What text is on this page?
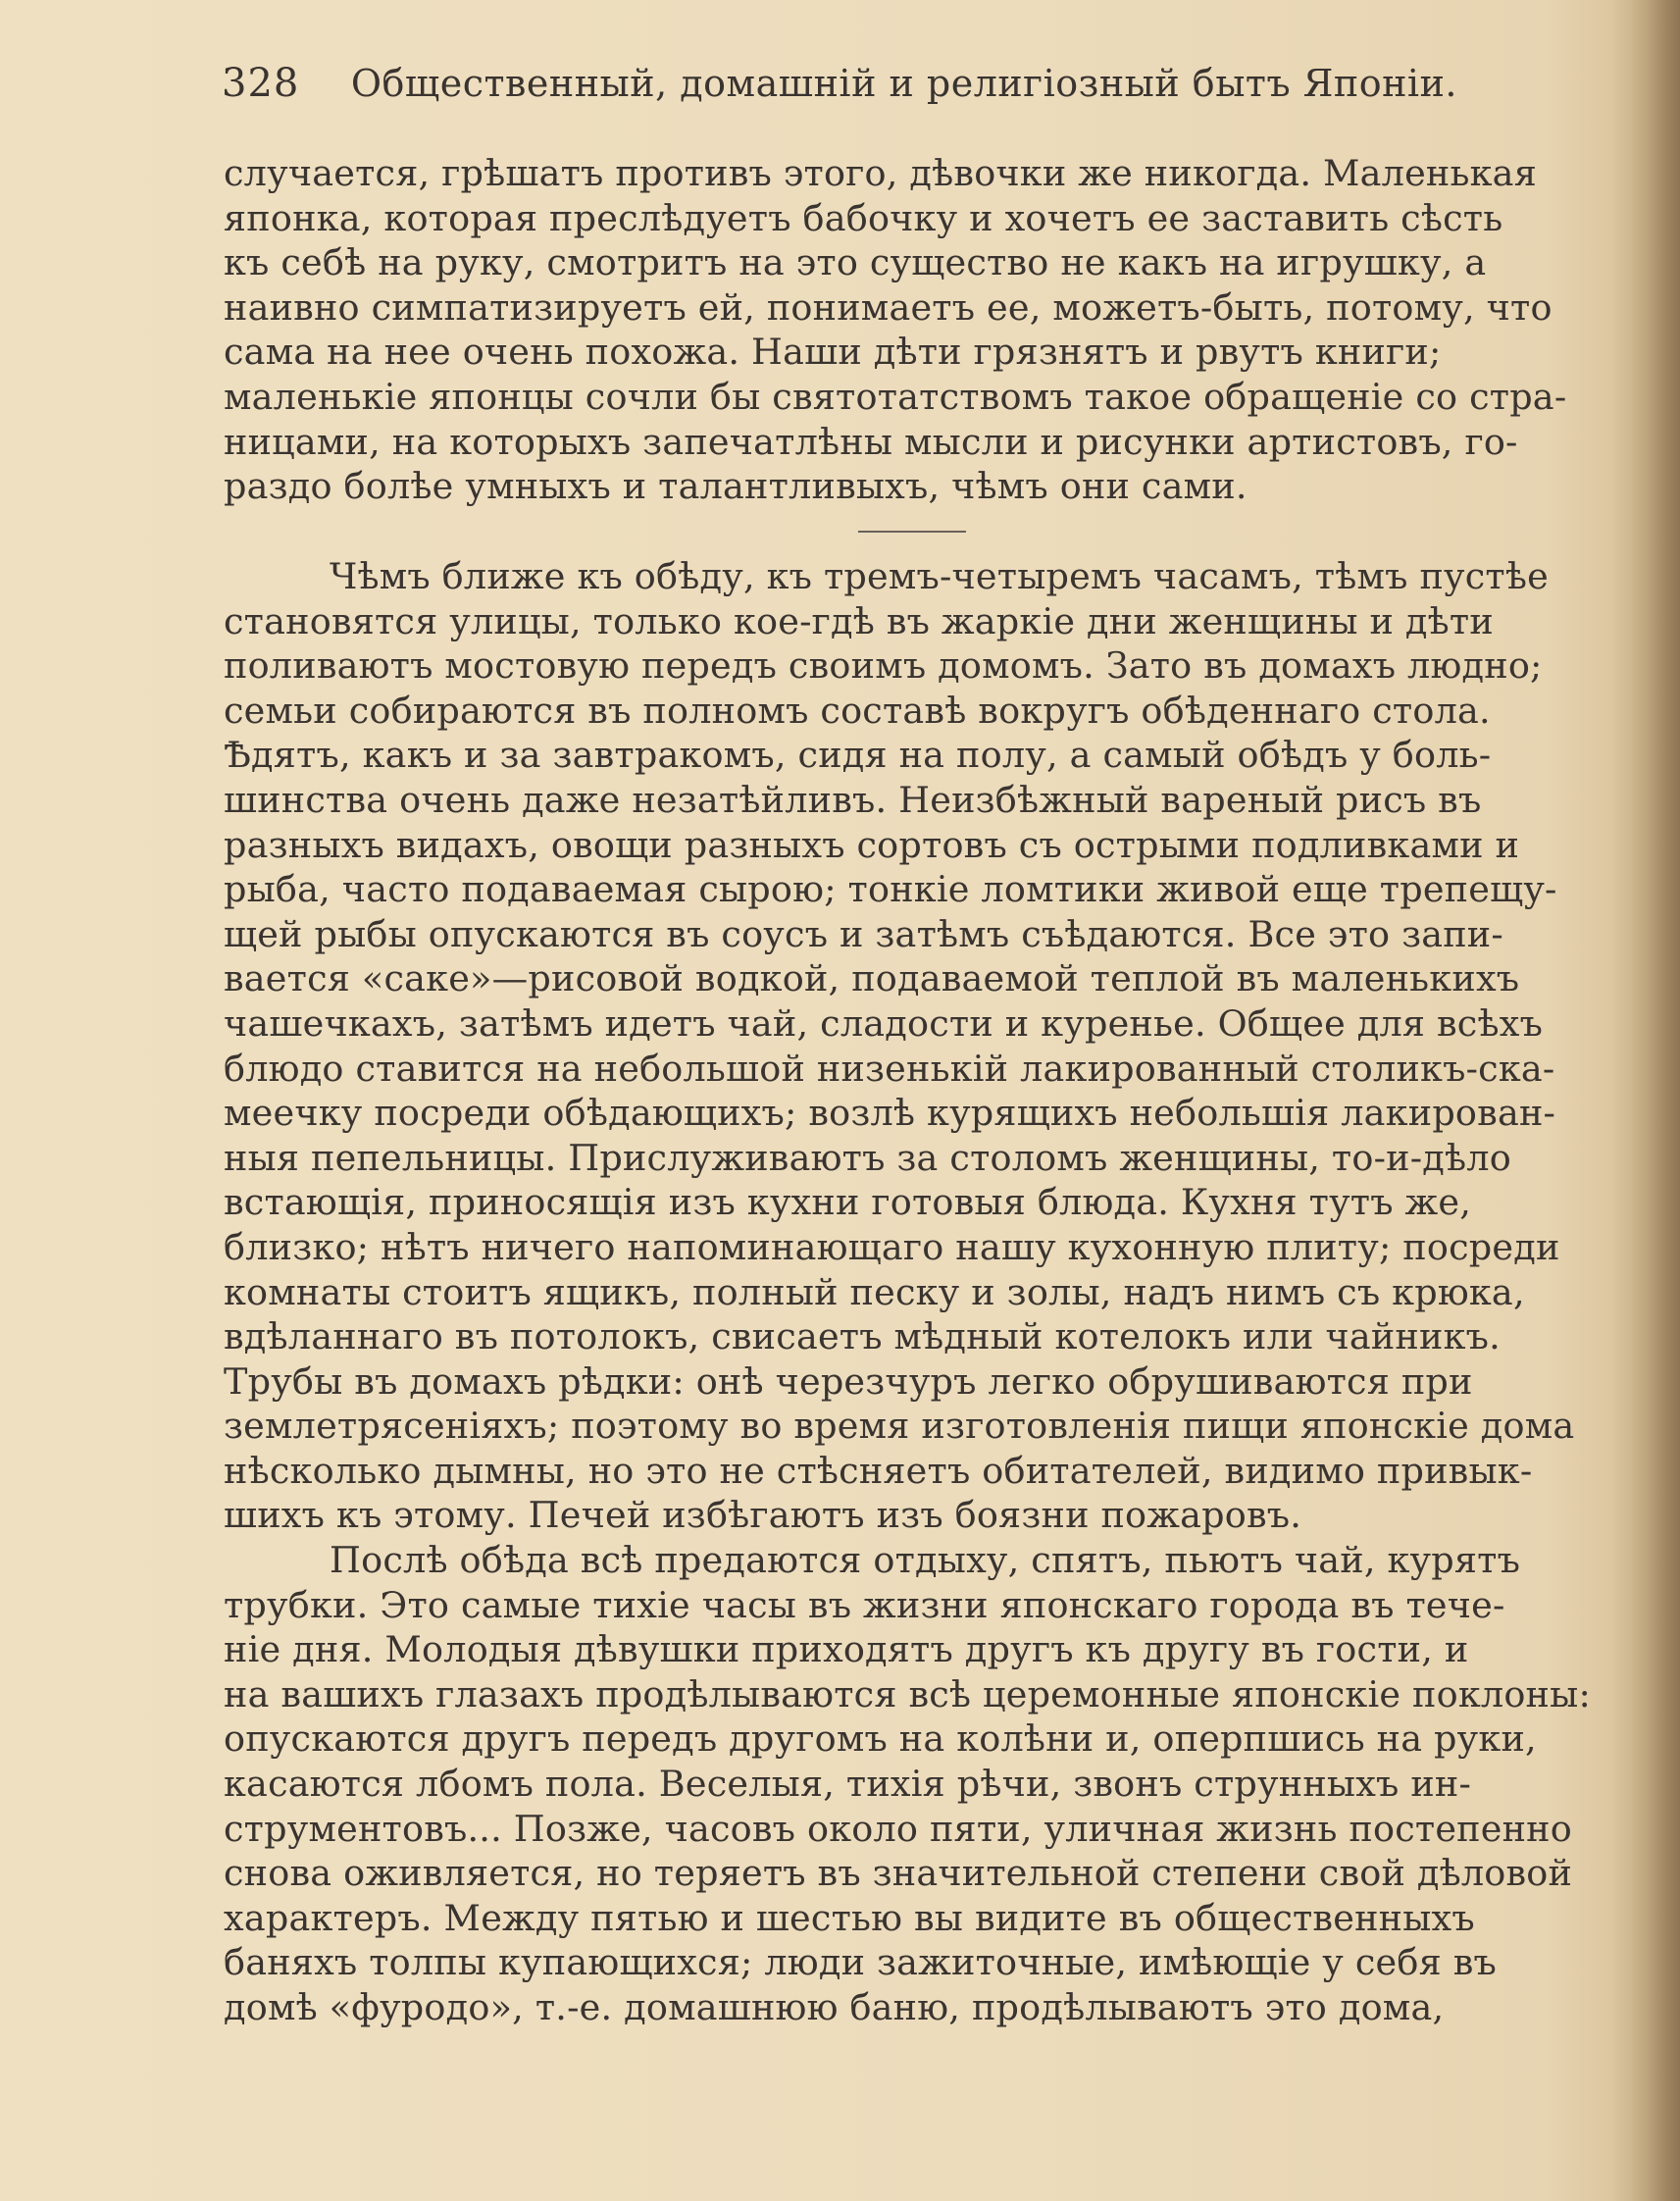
328	Общественный, домашній и религіозный бытъ Японіи.
случается, грѣшатъ противъ этого, дѣвочки же никогда. Маленькая
японка, которая преслѣдуетъ бабочку и хочетъ ее заставить сѣсть
къ себѣ на руку, смотритъ на это существо не какъ на игрушку, а
наивно симпатизируетъ ей, понимаетъ ее, можетъ-быть, потому, что
сама на нее очень похожа. Наши дѣти грязнятъ и рвутъ книги;
маленькіе японцы сочли бы святотатствомъ такое обращеніе со стра-
ницами, на которыхъ запечатлѣны мысли и рисунки артистовъ, го-
раздо болѣе умныхъ и талантливыхъ, чѣмъ они сами.
Чѣмъ ближе къ обѣду, къ тремъ-четыремъ часамъ, тѣмъ пустѣе
становятся улицы, только кое-гдѣ въ жаркіе дни женщины и дѣти
поливаютъ мостовую передъ своимъ домомъ. Зато въ домахъ людно;
семьи собираются въ полномъ составѣ вокругъ обѣденнаго стола.
Ѣдятъ, какъ и за завтракомъ, сидя на полу, а самый обѣдъ у боль-
шинства очень даже незатѣйливъ. Неизбѣжный вареный рисъ въ
разныхъ видахъ, овощи разныхъ сортовъ съ острыми подливками и
рыба, часто подаваемая сырою; тонкіе ломтики живой еще трепещу-
щей рыбы опускаются въ соусъ и затѣмъ съѣдаются. Все это запи-
вается «саке»—рисовой водкой, подаваемой теплой въ маленькихъ
чашечкахъ, затѣмъ идетъ чай, сладости и куренье. Общее для всѣхъ
блюдо ставится на небольшой низенькій лакированный столикъ-ска-
меечку посреди обѣдающихъ; возлѣ курящихъ небольшія лакирован-
ныя пепельницы. Прислуживаютъ за столомъ женщины, то-и-дѣло
встающія, приносящія изъ кухни готовыя блюда. Кухня тутъ же,
близко; нѣтъ ничего напоминающаго нашу кухонную плиту; посреди
комнаты стоитъ ящикъ, полный песку и золы, надъ нимъ съ крюка,
вдѣланнаго въ потолокъ, свисаетъ мѣдный котелокъ или чайникъ.
Трубы въ домахъ рѣдки: онѣ черезчуръ легко обрушиваются при
землетрясеніяхъ; поэтому во время изготовленія пищи японскіе дома
нѣсколько дымны, но это не стѣсняетъ обитателей, видимо привык-
шихъ къ этому. Печей избѣгаютъ изъ боязни пожаровъ.
Послѣ обѣда всѣ предаются отдыху, спятъ, пьютъ чай, курятъ
трубки. Это самые тихіе часы въ жизни японскаго города въ тече-
ніе дня. Молодыя дѣвушки приходятъ другъ къ другу въ гости, и
на вашихъ глазахъ продѣлываются всѣ церемонные японскіе поклоны:
опускаются другъ передъ другомъ на колѣни и, оперпшись на руки,
касаются лбомъ пола. Веселыя, тихія рѣчи, звонъ струнныхъ ин-
струментовъ... Позже, часовъ около пяти, уличная жизнь постепенно
снова оживляется, но теряетъ въ значительной степени свой дѣловой
характеръ. Между пятью и шестью вы видите въ общественныхъ
баняхъ толпы купающихся; люди зажиточные, имѣющіе у себя въ
домѣ «фуродо», т.-е. домашнюю баню, продѣлываютъ это дома,
